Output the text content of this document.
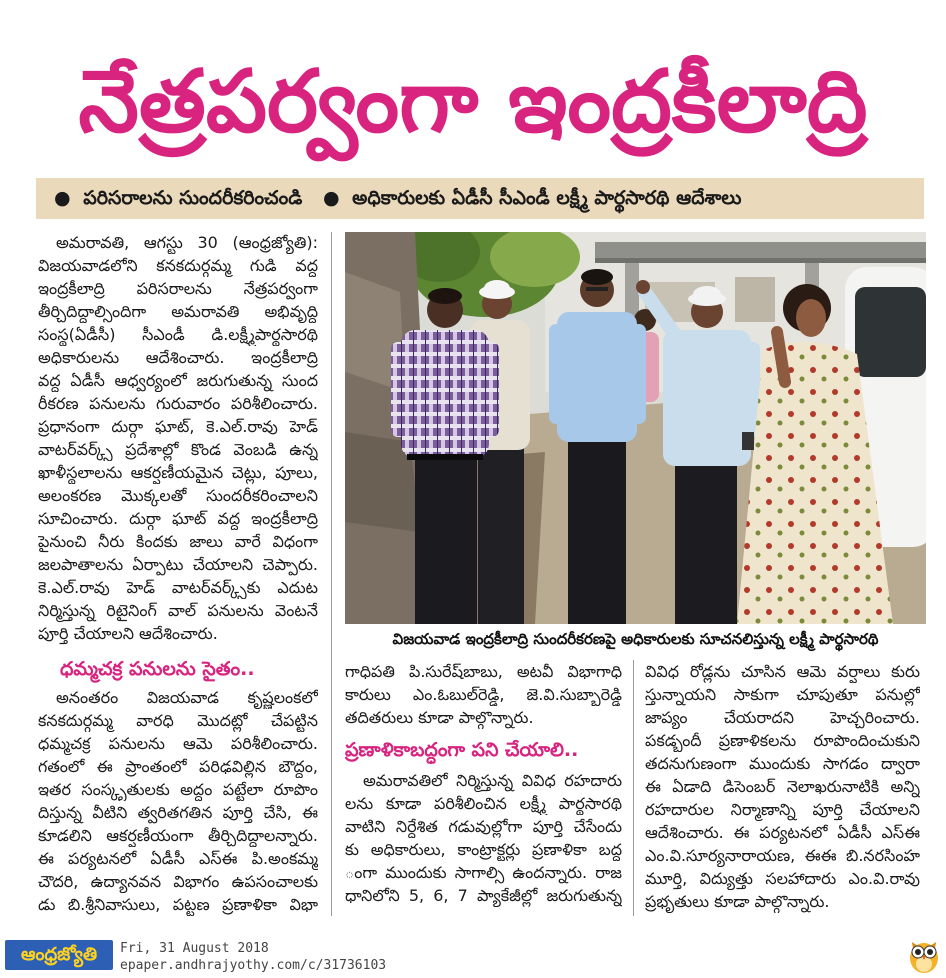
నేత్రపర్వంగా ఇంద్రకీలాద్రి
● పరిసరాలను సుందరీకరించండి ● అధికారులకు ఏడీసీ సీఎండీ లక్ష్మీ పార్థసారథి ఆదేశాలు
అమరావతి, ఆగస్టు 30 (ఆంధ్రజ్యోతి):
విజయవాడలోని కనకదుర్గమ్మ గుడి వద్ద
ఇంద్రకీలాద్రి పరిసరాలను నేత్రపర్వంగా
తీర్చిదిద్దాల్సిందిగా అమరావతి అభివృద్ధి
సంస్థ(ఏడీసీ) సీఎండీ డి.లక్ష్మీపార్థసారథి
అధికారులను ఆదేశించారు. ఇంద్రకీలాద్రి
వద్ద ఏడీసీ ఆధ్వర్యంలో జరుగుతున్న సుంద
రీకరణ పనులను గురువారం పరిశీలించారు.
ప్రధానంగా దుర్గా ఘాట్, కె.ఎల్.రావు హెడ్
వాటర్‌వర్క్స్ ప్రదేశాల్లో కొండ వెంబడి ఉన్న
ఖాళీస్థలాలను ఆకర్షణీయమైన చెట్లు, పూలు,
అలంకరణ మొక్కలతో సుందరీకరించాలని
సూచించారు. దుర్గా ఘాట్ వద్ద ఇంద్రకీలాద్రి
పైనుంచి నీరు కిందకు జాలు వారే విధంగా
జలపాతాలను ఏర్పాటు చేయాలని చెప్పారు.
కె.ఎల్.రావు హెడ్ వాటర్‌వర్క్స్‌కు ఎదుట
నిర్మిస్తున్న రిటైనింగ్ వాల్ పనులను వెంటనే
పూర్తి చేయాలని ఆదేశించారు.
ధమ్మచక్ర పనులను సైతం..
అనంతరం విజయవాడ కృష్ణలంకలో
కనకదుర్గమ్మ వారధి మొదట్లో చేపట్టిన
ధమ్మచక్ర పనులను ఆమె పరిశీలించారు.
గతంలో ఈ ప్రాంతంలో పరిఢవిల్లిన బౌద్ధం,
ఇతర సంస్కృతులకు అద్దం పట్టేలా రూపొం
దిస్తున్న వీటిని త్వరితగతిన పూర్తి చేసి, ఈ
కూడలిని ఆకర్షణీయంగా తీర్చిదిద్దాలన్నారు.
ఈ పర్యటనలో ఏడీసీ ఎస్ఈ పి.అంకమ్మ
చౌదరి, ఉద్యానవన విభాగం ఉపసంచాలకు
డు బి.శ్రీనివాసులు, పట్టణ ప్రణాళికా విభా
విజయవాడ ఇంద్రకీలాద్రి సుందరీకరణపై అధికారులకు సూచనలిస్తున్న లక్ష్మీ పార్థసారథి
గాధిపతి పి.సురేష్‌బాబు, అటవీ విభాగాధి
కారులు ఎం.ఓబుల్‌రెడ్డి, జె.వి.సుబ్బారెడ్డి
తదితరులు కూడా పాల్గొన్నారు.
ప్రణాళికాబద్ధంగా పని చేయాలి..
అమరావతిలో నిర్మిస్తున్న వివిధ రహదారు
లను కూడా పరిశీలించిన లక్ష్మీ పార్థసారథి
వాటిని నిర్దేశిత గడువుల్లోగా పూర్తి చేసేందు
కు అధికారులు, కాంట్రాక్టర్లు ప్రణాళికా బద్ధ
ంగా ముందుకు సాగాల్సి ఉందన్నారు. రాజ
ధానిలోని 5, 6, 7 ప్యాకేజీల్లో జరుగుతున్న
వివిధ రోడ్లను చూసిన ఆమె వర్షాలు కురు
స్తున్నాయని సాకుగా చూపుతూ పనుల్లో
జాప్యం చేయరాదని హెచ్చరించారు.
పకడ్బందీ ప్రణాళికలను రూపొందించుకుని
తదనుగుణంగా ముందుకు సాగడం ద్వారా
ఈ ఏడాది డిసెంబర్ నెలాఖరునాటికి అన్ని
రహదారుల నిర్మాణాన్ని పూర్తి చేయాలని
ఆదేశించారు. ఈ పర్యటనలో ఏడీసీ ఎస్ఈ
ఎం.వి.సూర్యనారాయణ, ఈఈ బి.నరసింహ
మూర్తి, విద్యుత్తు సలహాదారు ఎం.వి.రావు
ప్రభృతులు కూడా పాల్గొన్నారు.
ఆంధ్రజ్యోతి	Fri, 31 August 2018
epaper.andhrajyothy.com/c/31736103
